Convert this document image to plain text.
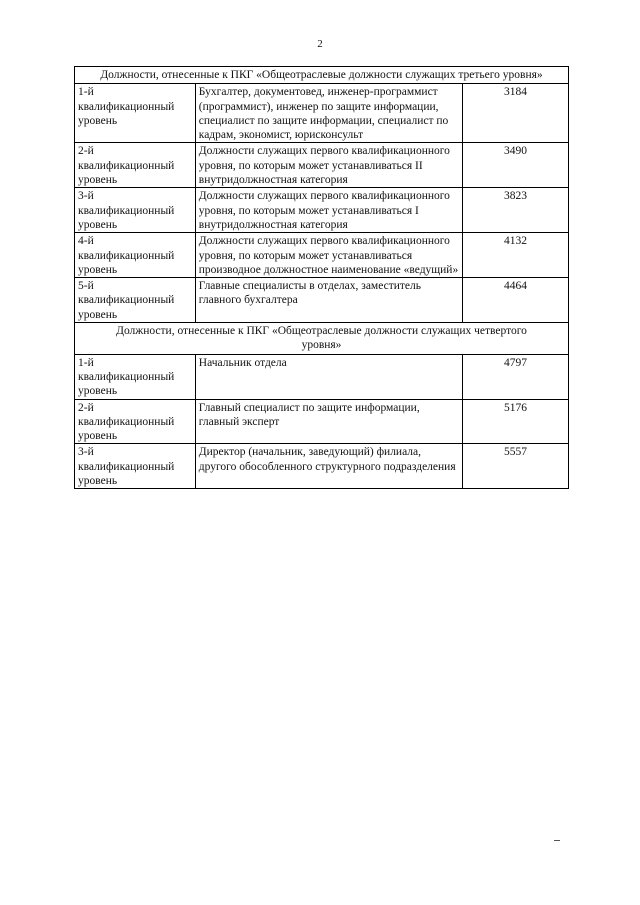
2
Должности, отнесенные к ПКГ «Общеотраслевые должности служащих третьего уровня»		
1-й квалификационный уровень	Бухгалтер, документовед, инженер-программист (программист), инженер по защите информации, специалист по защите информации, специалист по кадрам, экономист, юрисконсульт	3184
2-й квалификационный уровень	Должности служащих первого квалификационного уровня, по которым может устанавливаться II внутридолжностная категория	3490
3-й квалификационный уровень	Должности служащих первого квалификационного уровня, по которым может устанавливаться I внутридолжностная категория	3823
4-й квалификационный уровень	Должности служащих первого квалификационного уровня, по которым может устанавливаться производное должностное наименование «ведущий»	4132
5-й квалификационный уровень	Главные специалисты в отделах, заместитель главного бухгалтера	4464
Должности, отнесенные к ПКГ «Общеотраслевые должности служащих четвертого уровня»		
1-й квалификационный уровень	Начальник отдела	4797
2-й квалификационный уровень	Главный специалист по защите информации, главный эксперт	5176
3-й квалификационный уровень	Директор (начальник, заведующий) филиала, другого обособленного структурного подразделения	5557
